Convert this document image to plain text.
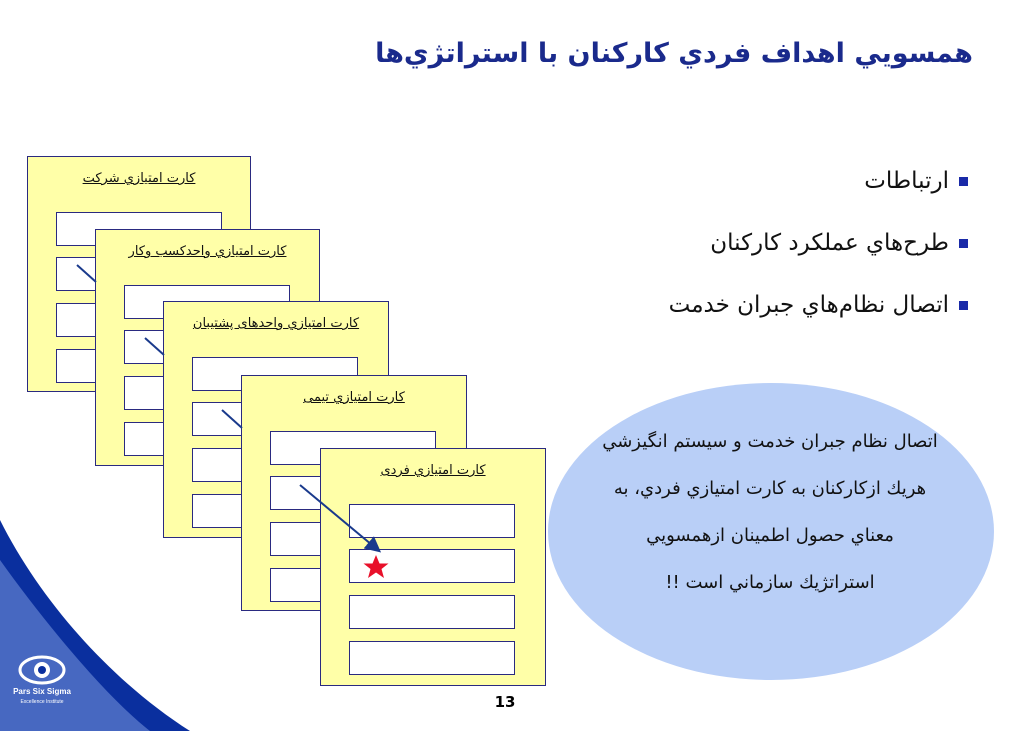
Pars Six Sigma
Excellence Institute
همسويي اهداف فردي كاركنان با استراتژي‌ها
ارتباطات
طرح‌هاي عملكرد كاركنان
اتصال نظام‌هاي جبران خدمت
كارت امتيازي شركت
كارت امتيازي واحدكسب وكار
كارت امتيازي واحدهای پشتيبان
كارت امتيازي تيمی
كارت امتيازي فردی
اتصال نظام جبران خدمت و سيستم انگيزشي
هريك ازكاركنان به كارت امتيازي فردي، به
معناي حصول اطمينان ازهمسويي
استراتژيك سازماني است !!
13
